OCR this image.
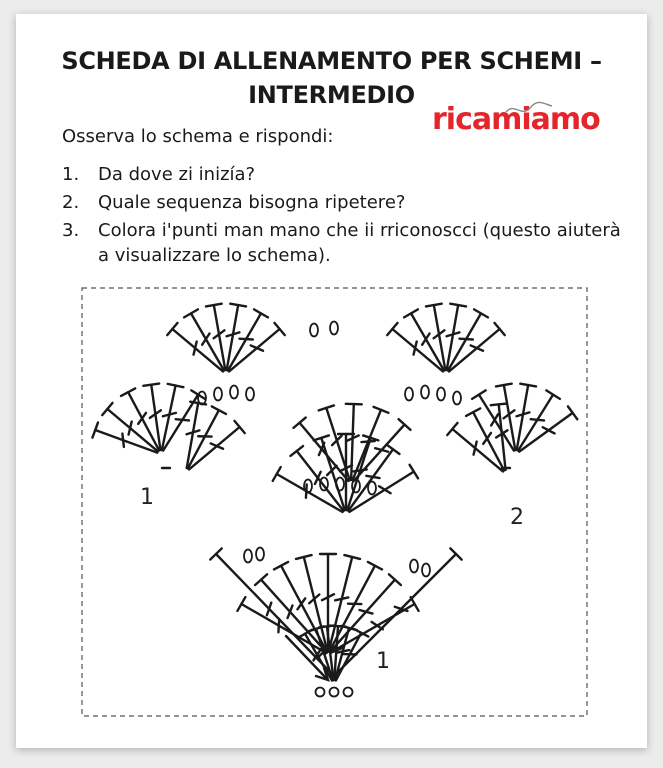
SCHEDA DI ALLENAMENTO PER SCHEMI –
INTERMEDIO
ricamiamo

Osserva lo schema e rispondi:

1.	Da dove zi inizía?
2.	Quale sequenza bisogna ripetere?
3.	Colora i'punti man mano che ii rriconoscci (questo aiuterà a visualizzare lo schema).
1
2
1
